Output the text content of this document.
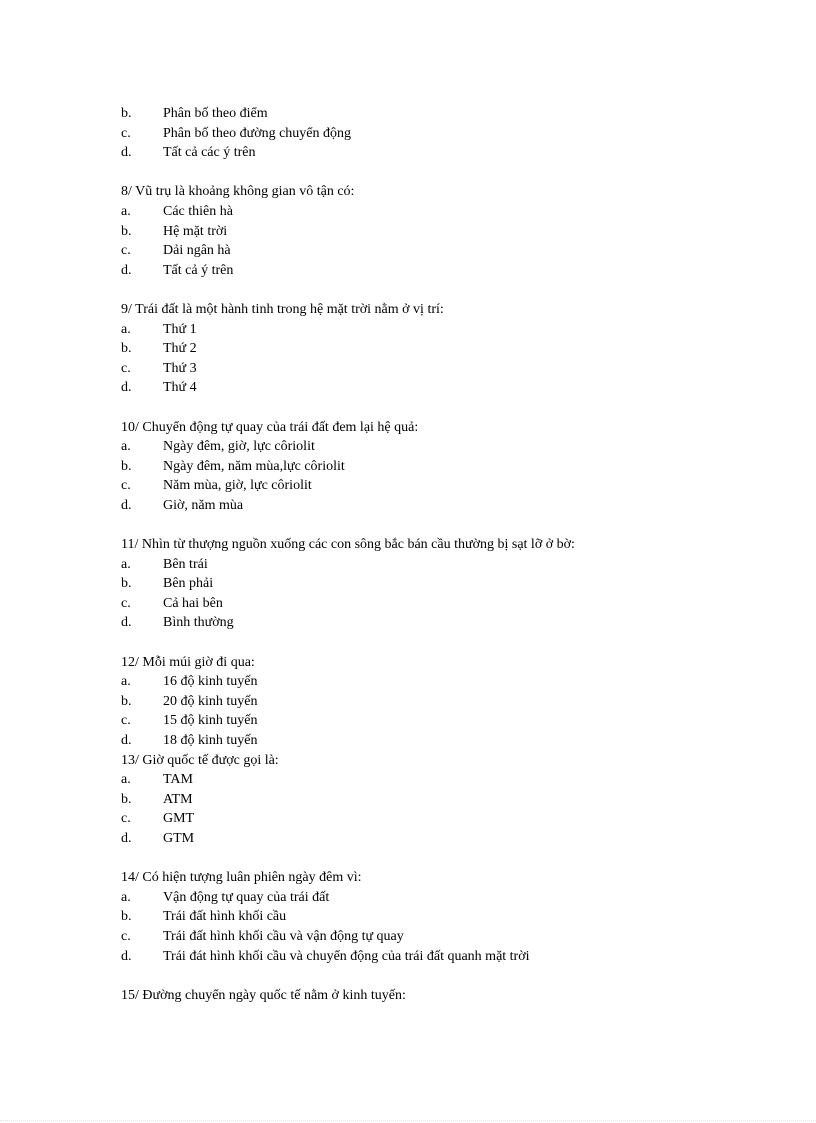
b.	Phân bố theo điểm
c.	Phân bố theo đường chuyển động
d.	Tất cả các ý trên
8/ Vũ trụ là khoảng không gian vô tận có:
a.	Các thiên hà
b.	Hệ mặt trời
c.	Dải ngân hà
d.	Tất cả ý trên
9/ Trái đất là một hành tinh trong hệ mặt trời nằm ở vị trí:
a.	Thứ 1
b.	Thứ 2
c.	Thứ 3
d.	Thứ 4
10/ Chuyển động tự quay của trái đất đem lại hệ quả:
a.	Ngày đêm, giờ, lực côriolit
b.	Ngày đêm, năm mùa,lực côriolit
c.	Năm mùa, giờ, lực côriolit
d.	Giờ, năm mùa
11/ Nhìn từ thượng nguồn xuống các con sông bắc bán cầu thường bị sạt lỡ ở bờ:
a.	Bên trái
b.	Bên phải
c.	Cả hai bên
d.	Bình thường
12/ Mỗi múi giờ đi qua:
a.	16 độ kinh tuyến
b.	20 độ kinh tuyến
c.	15 độ kinh tuyến
d.	18 độ kinh tuyến
13/ Giờ quốc tế được gọi là:
a.	TAM
b.	ATM
c.	GMT
d.	GTM
14/ Có hiện tượng luân phiên ngày đêm vì:
a.	Vận động tự quay của trái đất
b.	Trái đất hình khối cầu
c.	Trái đất hình khối cầu và vận động tự quay
d.	Trái đát hình khối cầu và chuyển động của trái đất quanh mặt trời
15/ Đường chuyển ngày quốc tế nằm ở kinh tuyến:
